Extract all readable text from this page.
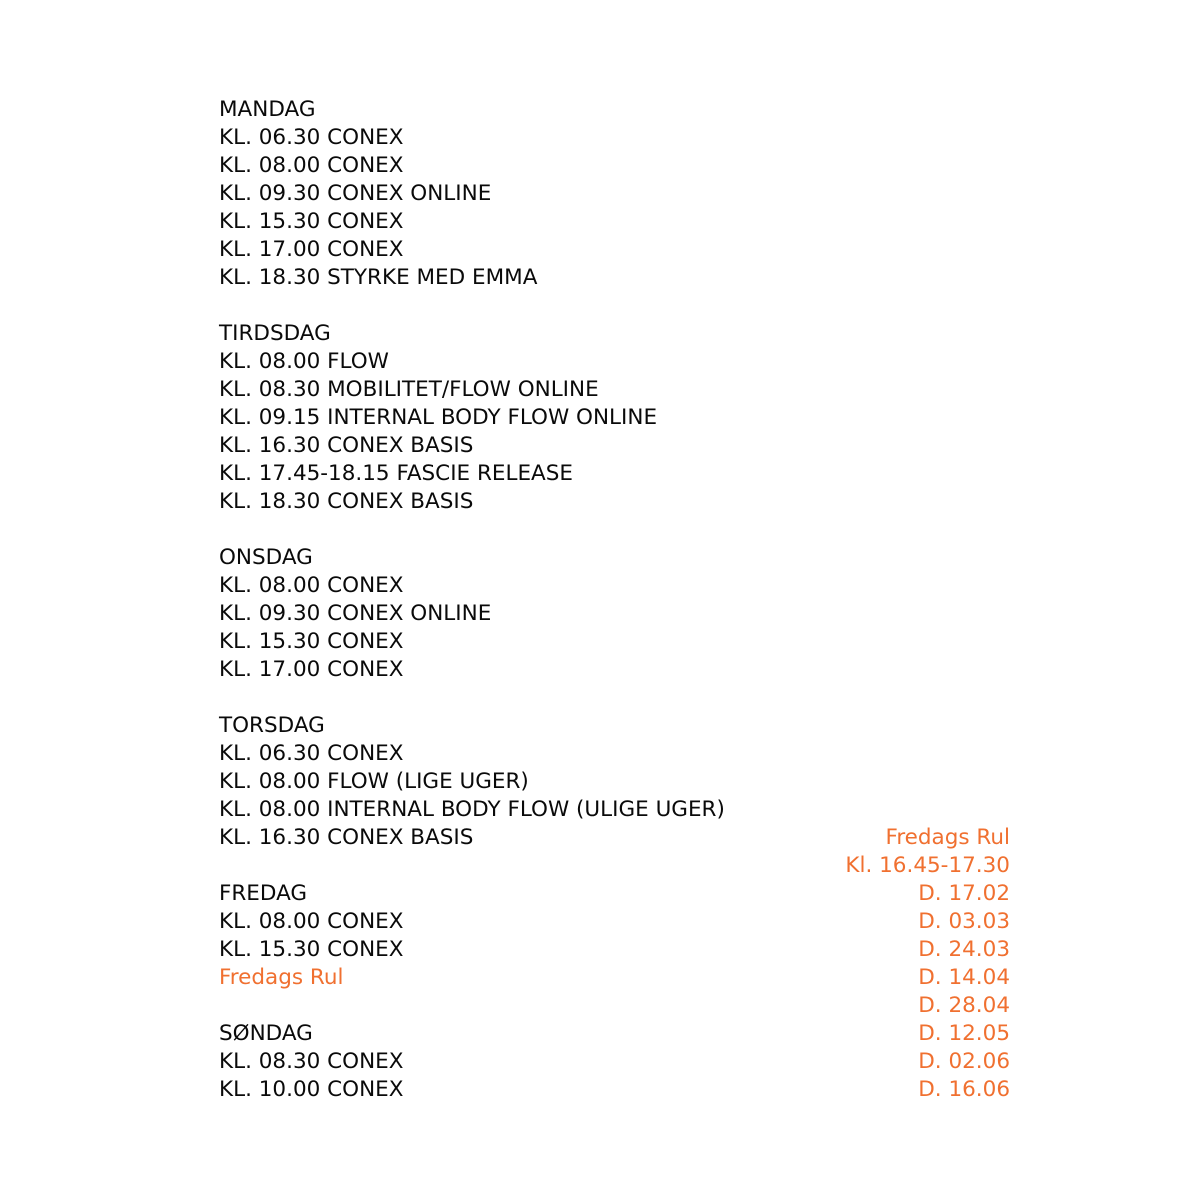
MANDAG
KL. 06.30 CONEX
KL. 08.00 CONEX
KL. 09.30 CONEX ONLINE
KL. 15.30 CONEX
KL. 17.00 CONEX
KL. 18.30 STYRKE MED EMMA
TIRDSDAG
KL. 08.00 FLOW
KL. 08.30 MOBILITET/FLOW ONLINE
KL. 09.15 INTERNAL BODY FLOW ONLINE
KL. 16.30 CONEX BASIS
KL. 17.45-18.15 FASCIE RELEASE
KL. 18.30 CONEX BASIS
ONSDAG
KL. 08.00 CONEX
KL. 09.30 CONEX ONLINE
KL. 15.30 CONEX
KL. 17.00 CONEX
TORSDAG
KL. 06.30 CONEX
KL. 08.00 FLOW (LIGE UGER)
KL. 08.00 INTERNAL BODY FLOW (ULIGE UGER)
KL. 16.30 CONEX BASIS
FREDAG
KL. 08.00 CONEX
KL. 15.30 CONEX
Fredags Rul
SØNDAG
KL. 08.30 CONEX
KL. 10.00 CONEX
Fredags Rul
Kl. 16.45-17.30
D. 17.02
D. 03.03
D. 24.03
D. 14.04
D. 28.04
D. 12.05
D. 02.06
D. 16.06
